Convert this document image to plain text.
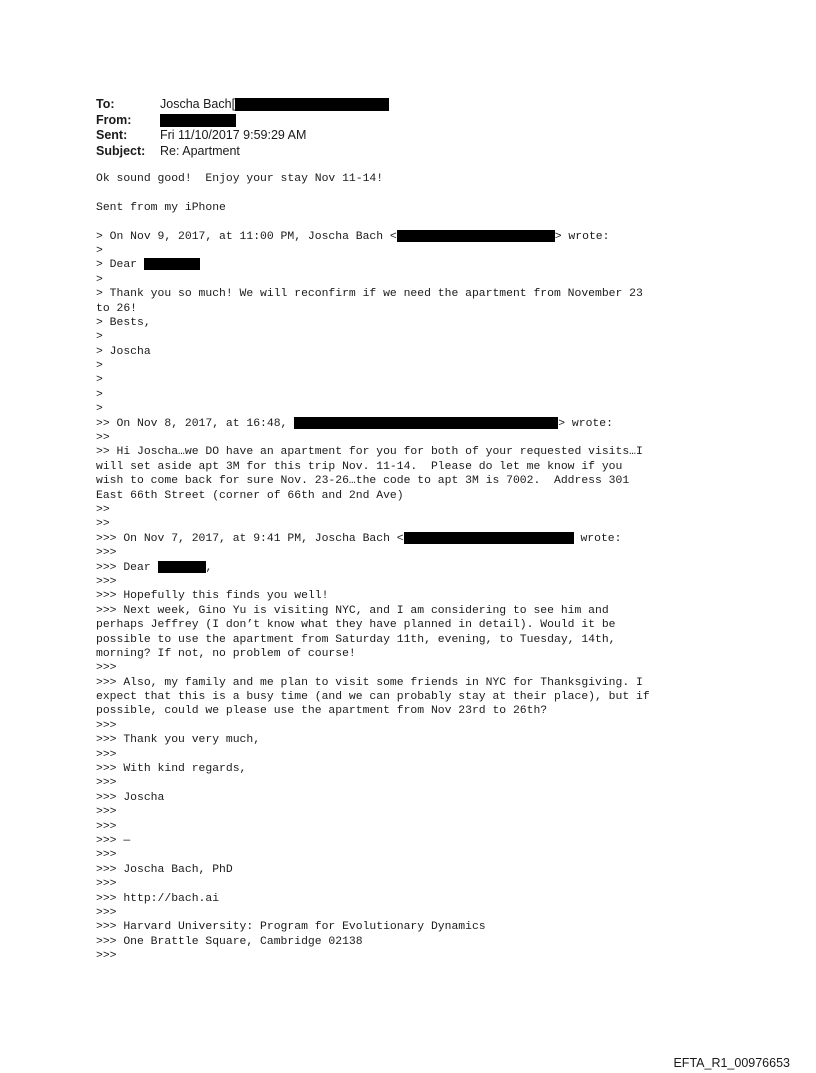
To:	Joscha Bach[
From:
Sent:	Fri 11/10/2017 9:59:29 AM
Subject:	Re: Apartment
Ok sound good!  Enjoy your stay Nov 11-14!
Sent from my iPhone
> On Nov 9, 2017, at 11:00 PM, Joscha Bach <	> wrote:
>
> Dear
>
> Thank you so much! We will reconfirm if we need the apartment from November 23
to 26!
> Bests,
>
> Joscha
>
>
>
>
>> On Nov 8, 2017, at 16:48,	> wrote:
>>
>> Hi Joscha…we DO have an apartment for you for both of your requested visits…I
will set aside apt 3M for this trip Nov. 11-14.  Please do let me know if you
wish to come back for sure Nov. 23-26…the code to apt 3M is 7002.  Address 301
East 66th Street (corner of 66th and 2nd Ave)
>>
>>
>>> On Nov 7, 2017, at 9:41 PM, Joscha Bach <	wrote:
>>>
>>> Dear	,
>>>
>>> Hopefully this finds you well!
>>> Next week, Gino Yu is visiting NYC, and I am considering to see him and
perhaps Jeffrey (I don’t know what they have planned in detail). Would it be
possible to use the apartment from Saturday 11th, evening, to Tuesday, 14th,
morning? If not, no problem of course!
>>>
>>> Also, my family and me plan to visit some friends in NYC for Thanksgiving. I
expect that this is a busy time (and we can probably stay at their place), but if
possible, could we please use the apartment from Nov 23rd to 26th?
>>>
>>> Thank you very much,
>>>
>>> With kind regards,
>>>
>>> Joscha
>>>
>>>
>>> —
>>>
>>> Joscha Bach, PhD
>>>
>>> http://bach.ai
>>>
>>> Harvard University: Program for Evolutionary Dynamics
>>> One Brattle Square, Cambridge 02138
>>>
EFTA_R1_00976653
